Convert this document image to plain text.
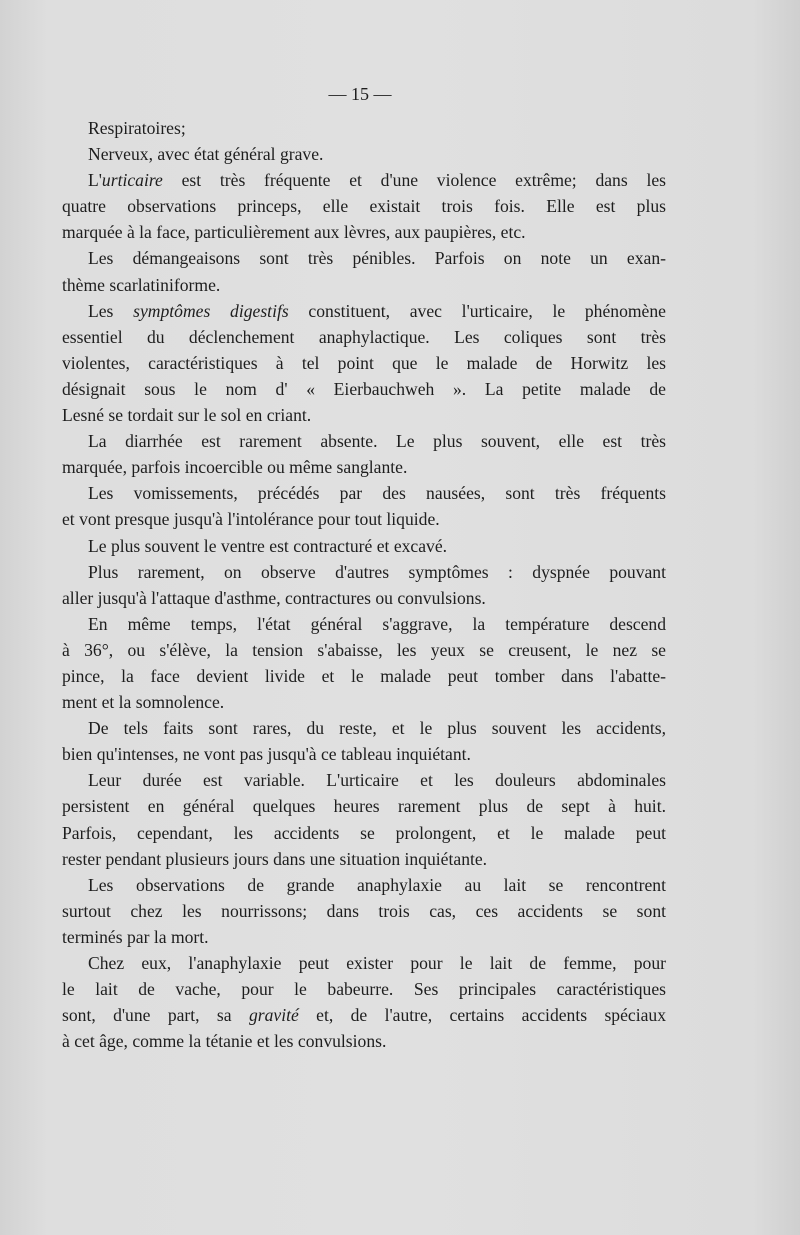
— 15 —
Respiratoires;
Nerveux, avec état général grave.
L'urticaire est très fréquente et d'une violence extrême; dans les
quatre observations princeps, elle existait trois fois. Elle est plus
marquée à la face, particulièrement aux lèvres, aux paupières, etc.
Les démangeaisons sont très pénibles. Parfois on note un exan-
thème scarlatiniforme.
Les symptômes digestifs constituent, avec l'urticaire, le phénomène
essentiel du déclenchement anaphylactique. Les coliques sont très
violentes, caractéristiques à tel point que le malade de Horwitz les
désignait sous le nom d' « Eierbauchweh ». La petite malade de
Lesné se tordait sur le sol en criant.
La diarrhée est rarement absente. Le plus souvent, elle est très
marquée, parfois incoercible ou même sanglante.
Les vomissements, précédés par des nausées, sont très fréquents
et vont presque jusqu'à l'intolérance pour tout liquide.
Le plus souvent le ventre est contracturé et excavé.
Plus rarement, on observe d'autres symptômes : dyspnée pouvant
aller jusqu'à l'attaque d'asthme, contractures ou convulsions.
En même temps, l'état général s'aggrave, la température descend
à 36°, ou s'élève, la tension s'abaisse, les yeux se creusent, le nez se
pince, la face devient livide et le malade peut tomber dans l'abatte-
ment et la somnolence.
De tels faits sont rares, du reste, et le plus souvent les accidents,
bien qu'intenses, ne vont pas jusqu'à ce tableau inquiétant.
Leur durée est variable. L'urticaire et les douleurs abdominales
persistent en général quelques heures rarement plus de sept à huit.
Parfois, cependant, les accidents se prolongent, et le malade peut
rester pendant plusieurs jours dans une situation inquiétante.
Les observations de grande anaphylaxie au lait se rencontrent
surtout chez les nourrissons; dans trois cas, ces accidents se sont
terminés par la mort.
Chez eux, l'anaphylaxie peut exister pour le lait de femme, pour
le lait de vache, pour le babeurre. Ses principales caractéristiques
sont, d'une part, sa gravité et, de l'autre, certains accidents spéciaux
à cet âge, comme la tétanie et les convulsions.
